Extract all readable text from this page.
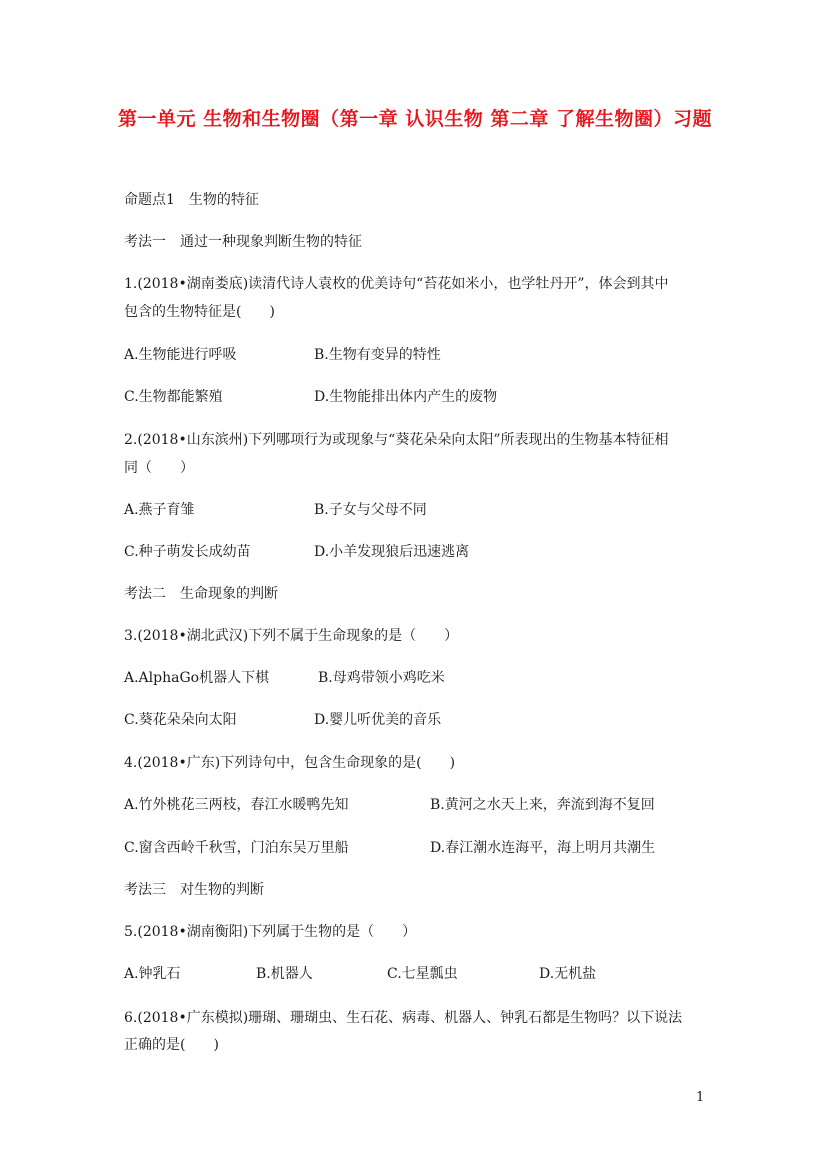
第一单元 生物和生物圈（第一章 认识生物 第二章 了解生物圈）习题
命题点1　生物的特征
考法一　通过一种现象判断生物的特征
1.(2018•湖南娄底)读清代诗人袁枚的优美诗句“苔花如米小，也学牡丹开”，体会到其中
包含的生物特征是(　　)
A.生物能进行呼吸	B.生物有变异的特性
C.生物都能繁殖	D.生物能排出体内产生的废物
2.(2018•山东滨州)下列哪项行为或现象与“葵花朵朵向太阳”所表现出的生物基本特征相
同（　　）
A.燕子育雏	B.子女与父母不同
C.种子萌发长成幼苗	D.小羊发现狼后迅速逃离
考法二　生命现象的判断
3.(2018•湖北武汉)下列不属于生命现象的是（　　）
A.AlphaGo机器人下棋	B.母鸡带领小鸡吃米
C.葵花朵朵向太阳	D.婴儿听优美的音乐
4.(2018•广东)下列诗句中，包含生命现象的是(　　)
A.竹外桃花三两枝，春江水暖鸭先知	B.黄河之水天上来，奔流到海不复回
C.窗含西岭千秋雪，门泊东吴万里船	D.春江潮水连海平，海上明月共潮生
考法三　对生物的判断
5.(2018•湖南衡阳)下列属于生物的是（　　）
A.钟乳石	B.机器人	C.七星瓢虫	D.无机盐
6.(2018•广东模拟)珊瑚、珊瑚虫、生石花、病毒、机器人、钟乳石都是生物吗？以下说法
正确的是(　　)
1
